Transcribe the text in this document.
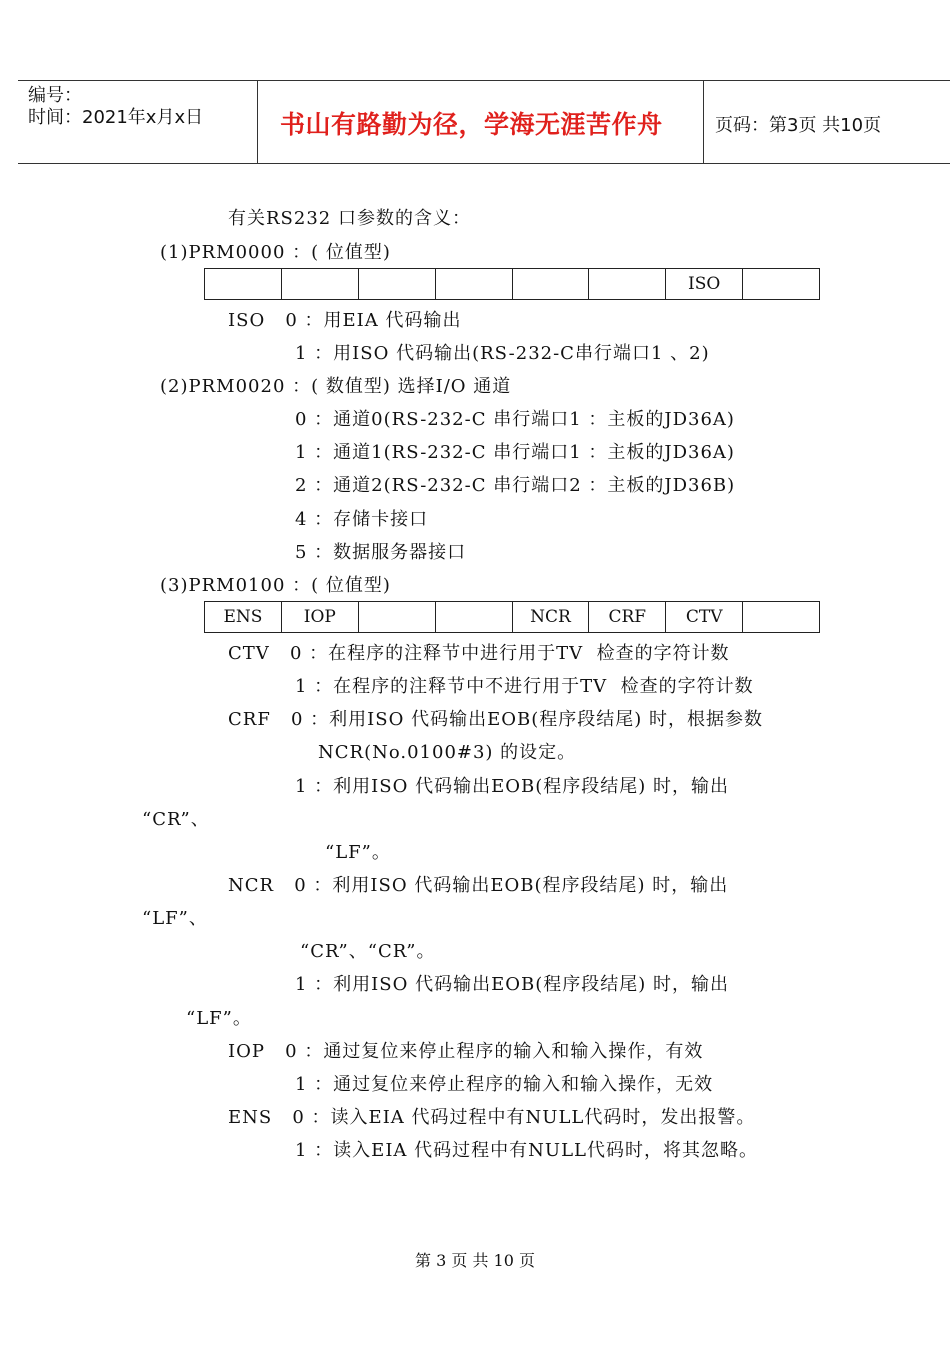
编号：
时间：2021年x月x日	书山有路勤为径，学海无涯苦作舟	页码：第3页 共10页
有关RS232 口参数的含义：
(1)PRM0000 ：( 位值型)
						ISO	
ISO   0 ：用EIA 代码输出
1 ：用ISO 代码输出(RS-232-C串行端口1 、2)
(2)PRM0020 ：( 数值型) 选择I/O 通道
0 ：通道0(RS-232-C 串行端口1 ：主板的JD36A)
1 ：通道1(RS-232-C 串行端口1 ：主板的JD36A)
2 ：通道2(RS-232-C 串行端口2 ：主板的JD36B)
4 ：存储卡接口
5 ：数据服务器接口
(3)PRM0100 ：( 位值型)
ENS	IOP			NCR	CRF	CTV	
CTV   0 ：在程序的注释节中进行用于TV  检查的字符计数
1 ：在程序的注释节中不进行用于TV  检查的字符计数
CRF   0 ：利用ISO 代码输出EOB(程序段结尾) 时，根据参数
NCR(No.0100#3) 的设定。
1 ：利用ISO 代码输出EOB(程序段结尾) 时，输出
“CR”、
“LF”。
NCR   0 ：利用ISO 代码输出EOB(程序段结尾) 时，输出
“LF”、
“CR”、“CR”。
1 ：利用ISO 代码输出EOB(程序段结尾) 时，输出
“LF”。
IOP   0 ：通过复位来停止程序的输入和输入操作，有效
1 ：通过复位来停止程序的输入和输入操作，无效
ENS   0 ：读入EIA 代码过程中有NULL代码时，发出报警。
1 ：读入EIA 代码过程中有NULL代码时，将其忽略。
第 3 页 共 10 页
